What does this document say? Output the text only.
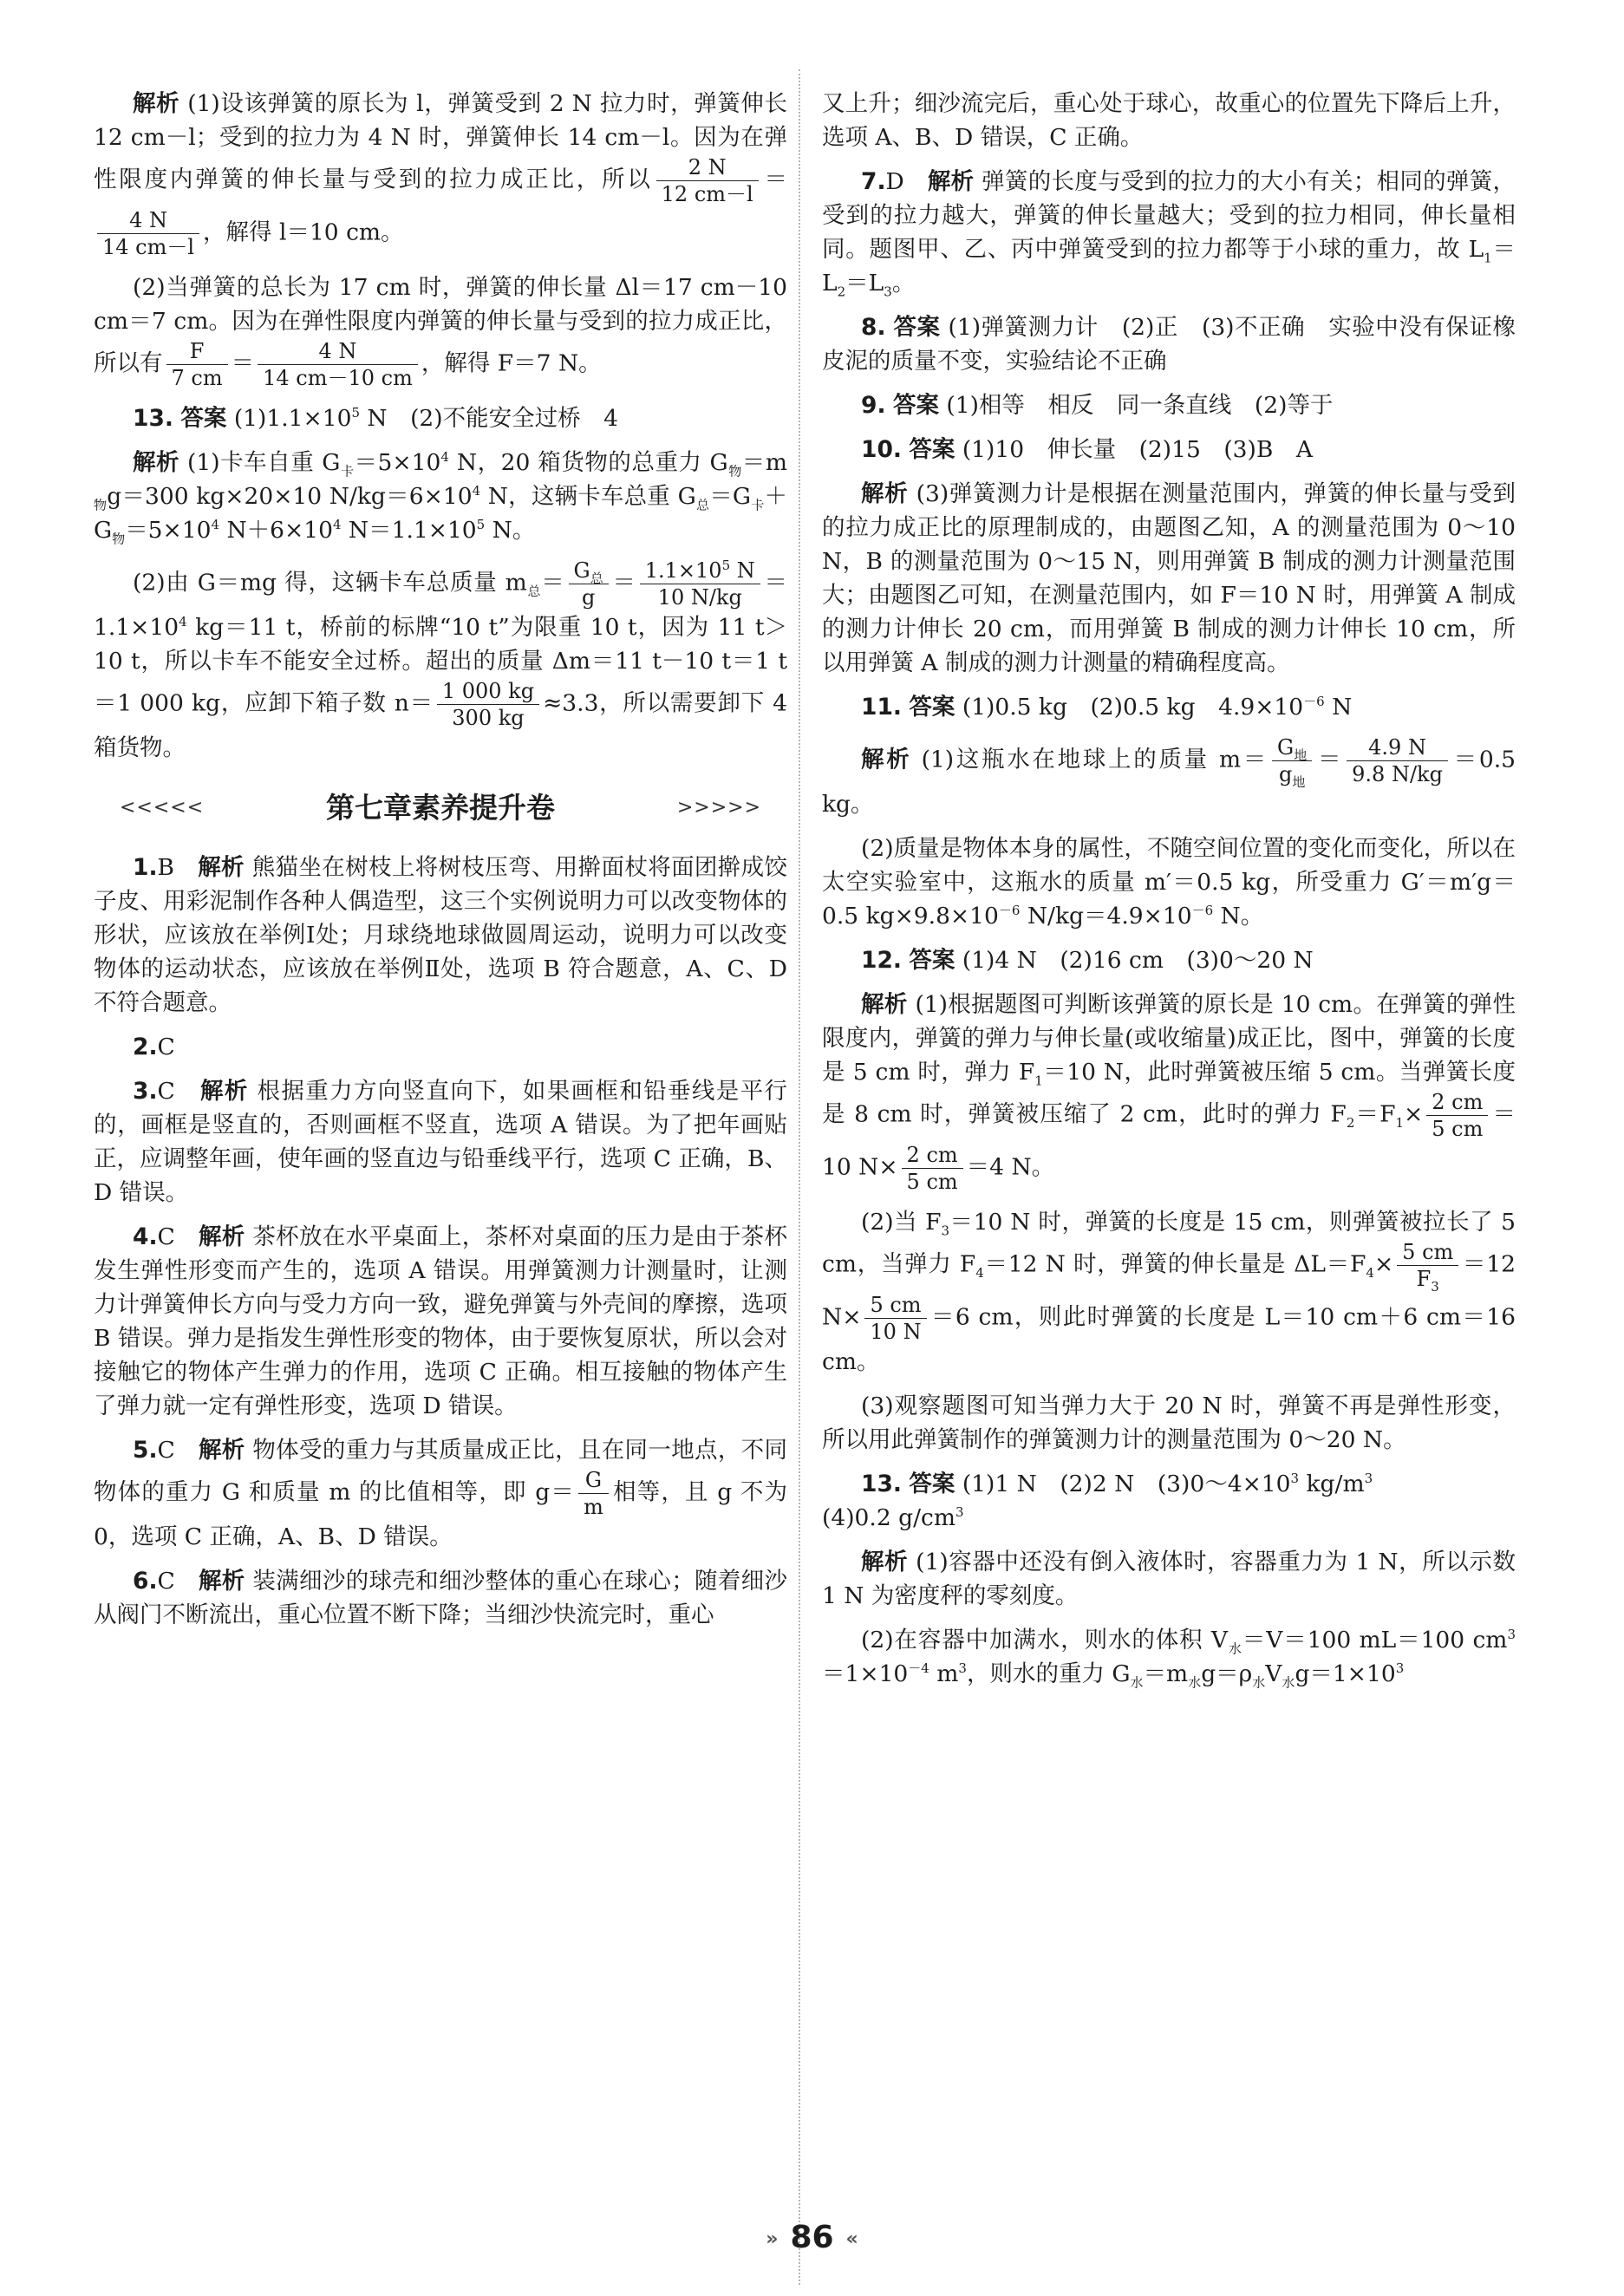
解析 (1)设该弹簧的原长为 l，弹簧受到 2 N 拉力时，弹簧伸长 12 cm－l；受到的拉力为 4 N 时，弹簧伸长 14 cm－l。因为在弹性限度内弹簧的伸长量与受到的拉力成正比，所以 $\frac{2 N}{12 cm-l}$ ＝
$\frac{4 N}{14 cm-l}$ ，解得 l＝10 cm。

(2)当弹簧的总长为 17 cm 时，弹簧的伸长量 Δl＝17 cm－10 cm＝7 cm。因为在弹性限度内弹簧的伸长量与受到的拉力成正比，所以有 $\frac{F}{7 cm} = \frac{4 N}{14 cm-10 cm}$ ，解得 F＝7 N。

13. 答案 $(1)1.1\times 10^5$ N　(2)不能安全过桥　4

解析 (1)卡车自重 $G_卡=5\times 10^4$ N，20 箱货物的总重力 $G_物=m_物g=300$ kg×20×10 $N/kg=6\times 10^4$ N，这辆卡车总重 $G_总=G_卡+G_物=5\times 10^4$ $N+6\times 10^4$ $N=1.1\times 10^5$ N。

(2)由 G＝mg 得，这辆卡车总质量 $m_总= \frac{G_总}{g} = \frac{1.1\times 10^5 N}{10 N/kg} =1.1\times 10^4$ kg＝11 t，桥前的标牌“10 t”为限重 10 t，因为 11 t＞10 t，所以卡车不能安全过桥。超出的质量 Δm＝11 t－10 t＝1 t＝1 000 kg，应卸下箱子数 $n= \frac{1 000 kg}{300 kg} \approx 3.3$，所以需要卸下 4 箱货物。

<<<<<	第七章素养提升卷	>>>>>

1.B　解析 熊猫坐在树枝上将树枝压弯、用擀面杖将面团擀成饺子皮、用彩泥制作各种人偶造型，这三个实例说明力可以改变物体的形状，应该放在举例Ⅰ处；月球绕地球做圆周运动，说明力可以改变物体的运动状态，应该放在举例Ⅱ处，选项 B 符合题意，A、C、D 不符合题意。

2.C

3.C　解析 根据重力方向竖直向下，如果画框和铅垂线是平行的，画框是竖直的，否则画框不竖直，选项 A 错误。为了把年画贴正，应调整年画，使年画的竖直边与铅垂线平行，选项 C 正确，B、D 错误。

4.C　解析 茶杯放在水平桌面上，茶杯对桌面的压力是由于茶杯发生弹性形变而产生的，选项 A 错误。用弹簧测力计测量时，让测力计弹簧伸长方向与受力方向一致，避免弹簧与外壳间的摩擦，选项 B 错误。弹力是指发生弹性形变的物体，由于要恢复原状，所以会对接触它的物体产生弹力的作用，选项 C 正确。相互接触的物体产生了弹力就一定有弹性形变，选项 D 错误。

5.C　解析 物体受的重力与其质量成正比，且在同一地点，不同物体的重力 G 和质量 m 的比值相等，即 $g= \frac{G}{m}$ 相等，且 g 不为 0，选项 C 正确，A、B、D 错误。

6.C　解析 装满细沙的球壳和细沙整体的重心在球心；随着细沙从阀门不断流出，重心位置不断下降；当细沙快流完时，重心

又上升；细沙流完后，重心处于球心，故重心的位置先下降后上升，选项 A、B、D 错误，C 正确。

7.D　解析 弹簧的长度与受到的拉力的大小有关；相同的弹簧，受到的拉力越大，弹簧的伸长量越大；受到的拉力相同，伸长量相同。题图甲、乙、丙中弹簧受到的拉力都等于小球的重力，故 $L_1=L_2=L_3$。

8. 答案 (1)弹簧测力计　(2)正　(3)不正确　实验中没有保证橡皮泥的质量不变，实验结论不正确

9. 答案 (1)相等　相反　同一条直线　(2)等于

10. 答案 (1)10　伸长量　(2)15　(3)B　A

解析 (3)弹簧测力计是根据在测量范围内，弹簧的伸长量与受到的拉力成正比的原理制成的，由题图乙知，A 的测量范围为 0～10 N，B 的测量范围为 0～15 N，则用弹簧 B 制成的测力计测量范围大；由题图乙可知，在测量范围内，如 F＝10 N 时，用弹簧 A 制成的测力计伸长 20 cm，而用弹簧 B 制成的测力计伸长 10 cm，所以用弹簧 A 制成的测力计测量的精确程度高。

11. 答案 (1)0.5 kg　(2)0.5 kg　$4.9\times 10^{-6}$ N

解析 (1)这瓶水在地球上的质量 $m= \frac{G_地}{g_地} = \frac{4.9 N}{9.8 N/kg} =0.5$ kg。

(2)质量是物体本身的属性，不随空间位置的变化而变化，所以在太空实验室中，这瓶水的质量 m′＝0.5 kg，所受重力 G′＝m′g＝0.5 $kg\times 9.8\times 10^{-6}$ $N/kg=4.9\times 10^{-6}$ N。

12. 答案 (1)4 N　(2)16 cm　(3)0～20 N

解析 (1)根据题图可判断该弹簧的原长是 10 cm。在弹簧的弹性限度内，弹簧的弹力与伸长量(或收缩量)成正比，图中，弹簧的长度是 5 cm 时，弹力 $F_1=10$ N，此时弹簧被压缩 5 cm。当弹簧长度是 8 cm 时，弹簧被压缩了 2 cm，此时的弹力 $F_2=F_1\times \frac{2 cm}{5 cm} =10$ $N\times \frac{2 cm}{5 cm} =4$ N。

(2)当 $F_3=10$ N 时，弹簧的长度是 15 cm，则弹簧被拉长了 5 cm，当弹力 $F_4=12$ N 时，弹簧的伸长量是 $\Delta L=F_4\times \frac{5 cm}{F_3} =12$ $N\times \frac{5 cm}{10 N} =6$ cm，则此时弹簧的长度是 L＝10 cm＋6 cm＝16 cm。

(3)观察题图可知当弹力大于 20 N 时，弹簧不再是弹性形变，所以用此弹簧制作的弹簧测力计的测量范围为 0～20 N。

13. 答案 (1)1 N　(2)2 N　$(3)0\sim 4\times 10^3$ $kg/m^3$
(4)0.2 $g/cm^3$

解析 (1)容器中还没有倒入液体时，容器重力为 1 N，所以示数 1 N 为密度秤的零刻度。

(2)在容器中加满水，则水的体积 $V_水=V=100$ mL＝100 $cm^3=1\times 10^{-4}$ $m^3$，则水的重力 $G_水=m_水g=\rho_水V_水g=1\times 10^3$

» 86 «
